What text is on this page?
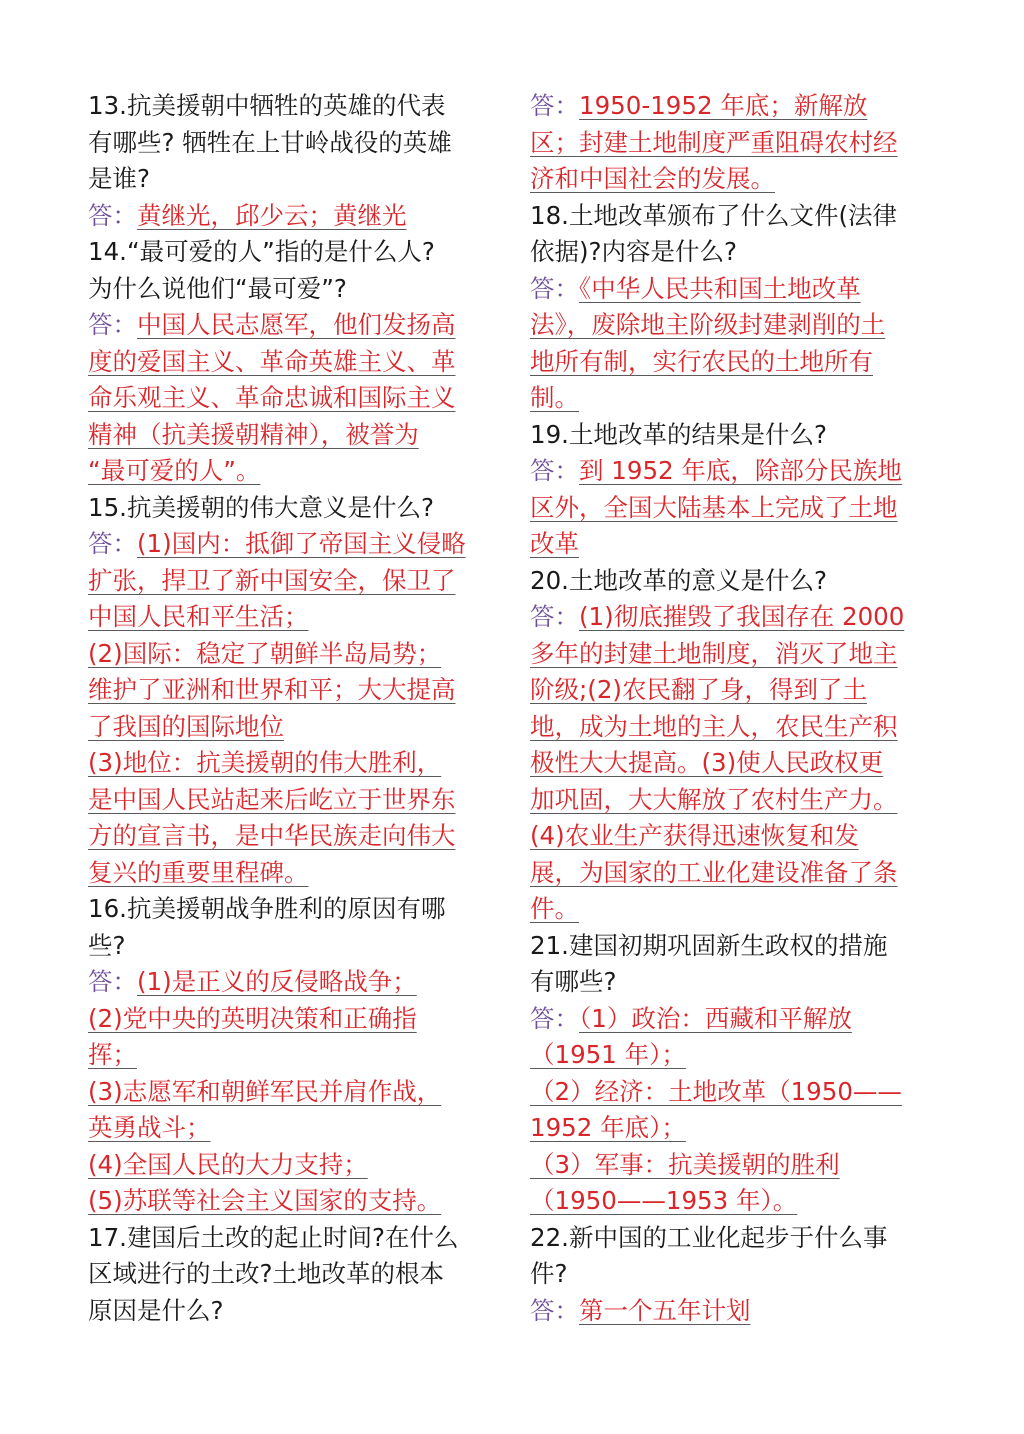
13.抗美援朝中牺牲的英雄的代表
有哪些? 牺牲在上甘岭战役的英雄
是谁?
答：黄继光，邱少云；黄继光
14.“最可爱的人”指的是什么人?
为什么说他们“最可爱”?
答：中国人民志愿军，他们发扬高
度的爱国主义、革命英雄主义、革
命乐观主义、革命忠诚和国际主义
精神（抗美援朝精神），被誉为
“最可爱的人”。
15.抗美援朝的伟大意义是什么?
答：(1)国内：抵御了帝国主义侵略
扩张，捍卫了新中国安全，保卫了
中国人民和平生活；
(2)国际：稳定了朝鲜半岛局势；
维护了亚洲和世界和平；大大提高
了我国的国际地位
(3)地位：抗美援朝的伟大胜利，
是中国人民站起来后屹立于世界东
方的宣言书，是中华民族走向伟大
复兴的重要里程碑。
16.抗美援朝战争胜利的原因有哪
些?
答：(1)是正义的反侵略战争；
(2)党中央的英明决策和正确指
挥；
(3)志愿军和朝鲜军民并肩作战，
英勇战斗；
(4)全国人民的大力支持；
(5)苏联等社会主义国家的支持。
17.建国后土改的起止时间?在什么
区域进行的土改?土地改革的根本
原因是什么?
答：1950-1952 年底；新解放
区；封建土地制度严重阻碍农村经
济和中国社会的发展。
18.土地改革颁布了什么文件(法律
依据)?内容是什么?
答：《中华人民共和国土地改革
法》，废除地主阶级封建剥削的土
地所有制，实行农民的土地所有
制。
19.土地改革的结果是什么?
答：到 1952 年底，除部分民族地
区外，全国大陆基本上完成了土地
改革
20.土地改革的意义是什么?
答：(1)彻底摧毁了我国存在 2000
多年的封建土地制度，消灭了地主
阶级;(2)农民翻了身，得到了土
地，成为土地的主人，农民生产积
极性大大提高。(3)使人民政权更
加巩固，大大解放了农村生产力。
(4)农业生产获得迅速恢复和发
展，为国家的工业化建设准备了条
件。
21.建国初期巩固新生政权的措施
有哪些?
答：（1）政治：西藏和平解放
（1951 年）；
（2）经济：土地改革（1950——
1952 年底）；
（3）军事：抗美援朝的胜利
（1950——1953 年）。
22.新中国的工业化起步于什么事
件?
答：第一个五年计划
